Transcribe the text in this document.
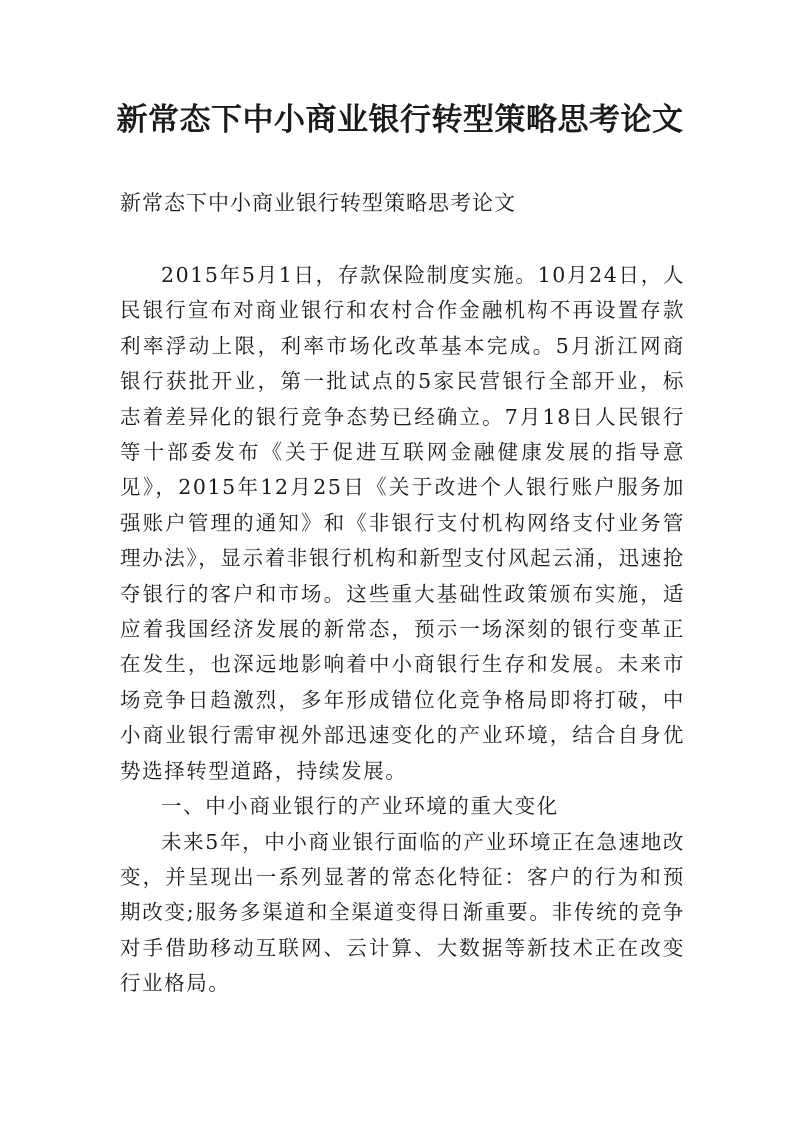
新常态下中小商业银行转型策略思考论文

新常态下中小商业银行转型策略思考论文

2015年5月1日，存款保险制度实施。10月24日，人民银行宣布对商业银行和农村合作金融机构不再设置存款利率浮动上限，利率市场化改革基本完成。5月浙江网商银行获批开业，第一批试点的5家民营银行全部开业，标志着差异化的银行竞争态势已经确立。7月18日人民银行等十部委发布《关于促进互联网金融健康发展的指导意见》，2015年12月25日《关于改进个人银行账户服务加强账户管理的通知》和《非银行支付机构网络支付业务管理办法》，显示着非银行机构和新型支付风起云涌，迅速抢夺银行的客户和市场。这些重大基础性政策颁布实施，适应着我国经济发展的新常态，预示一场深刻的银行变革正在发生，也深远地影响着中小商银行生存和发展。未来市场竞争日趋激烈，多年形成错位化竞争格局即将打破，中小商业银行需审视外部迅速变化的产业环境，结合自身优势选择转型道路，持续发展。

一、中小商业银行的产业环境的重大变化

未来5年，中小商业银行面临的产业环境正在急速地改变，并呈现出一系列显著的常态化特征：客户的行为和预期改变;服务多渠道和全渠道变得日渐重要。非传统的竞争对手借助移动互联网、云计算、大数据等新技术正在改变行业格局。
